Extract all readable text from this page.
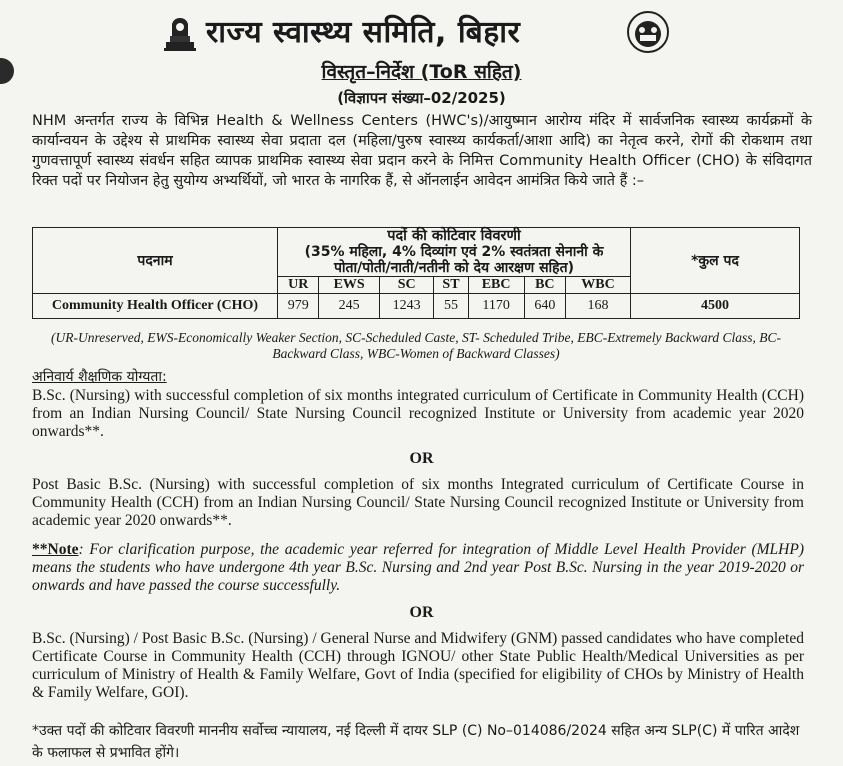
राज्य स्वास्थ्य समिति, बिहार
विस्तृत–निर्देश (ToR सहित)
(विज्ञापन संख्या–02/2025)
NHM अन्तर्गत राज्य के विभिन्न Health & Wellness Centers (HWC's)/आयुष्मान आरोग्य मंदिर में सार्वजनिक स्वास्थ्य कार्यक्रमों के कार्यान्वयन के उद्देश्य से प्राथमिक स्वास्थ्य सेवा प्रदाता दल (महिला/पुरुष स्वास्थ्य कार्यकर्ता/आशा आदि) का नेतृत्व करने, रोगों की रोकथाम तथा गुणवत्तापूर्ण स्वास्थ्य संवर्धन सहित व्यापक प्राथमिक स्वास्थ्य सेवा प्रदान करने के निमित्त Community Health Officer (CHO) के संविदागत रिक्त पदों पर नियोजन हेतु सुयोग्य अभ्यर्थियों, जो भारत के नागरिक हैं, से ऑनलाईन आवेदन आमंत्रित किये जाते हैं :–
पदनाम	पदों की कोटिवार विवरणी
(35% महिला, 4% दिव्यांग एवं 2% स्वतंत्रता सेनानी के
पोता/पोती/नाती/नतीनी को देय आरक्षण सहित)							*कुल पद
	UR	EWS	SC	ST	EBC	BC	WBC	
Community Health Officer (CHO)	979	245	1243	55	1170	640	168	4500
(UR-Unreserved, EWS-Economically Weaker Section, SC-Scheduled Caste, ST- Scheduled Tribe, EBC-Extremely Backward Class, BC-Backward Class, WBC-Women of Backward Classes)
अनिवार्य शैक्षणिक योग्यता:
B.Sc. (Nursing) with successful completion of six months integrated curriculum of Certificate in Community Health (CCH) from an Indian Nursing Council/ State Nursing Council recognized Institute or University from academic year 2020 onwards**.
OR
Post Basic B.Sc. (Nursing) with successful completion of six months Integrated curriculum of Certificate Course in Community Health (CCH) from an Indian Nursing Council/ State Nursing Council recognized Institute or University from academic year 2020 onwards**.
**Note: For clarification purpose, the academic year referred for integration of Middle Level Health Provider (MLHP) means the students who have undergone 4th year B.Sc. Nursing and 2nd year Post B.Sc. Nursing in the year 2019-2020 or onwards and have passed the course successfully.
OR
B.Sc. (Nursing) / Post Basic B.Sc. (Nursing) / General Nurse and Midwifery (GNM) passed candidates who have completed Certificate Course in Community Health (CCH) through IGNOU/ other State Public Health/Medical Universities as per curriculum of Ministry of Health & Family Welfare, Govt of India (specified for eligibility of CHOs by Ministry of Health & Family Welfare, GOI).
*उक्त पदों की कोटिवार विवरणी माननीय सर्वोच्च न्यायालय, नई दिल्ली में दायर SLP (C) No–014086/2024 सहित अन्य SLP(C) में पारित आदेश के फलाफल से प्रभावित होंगे।
